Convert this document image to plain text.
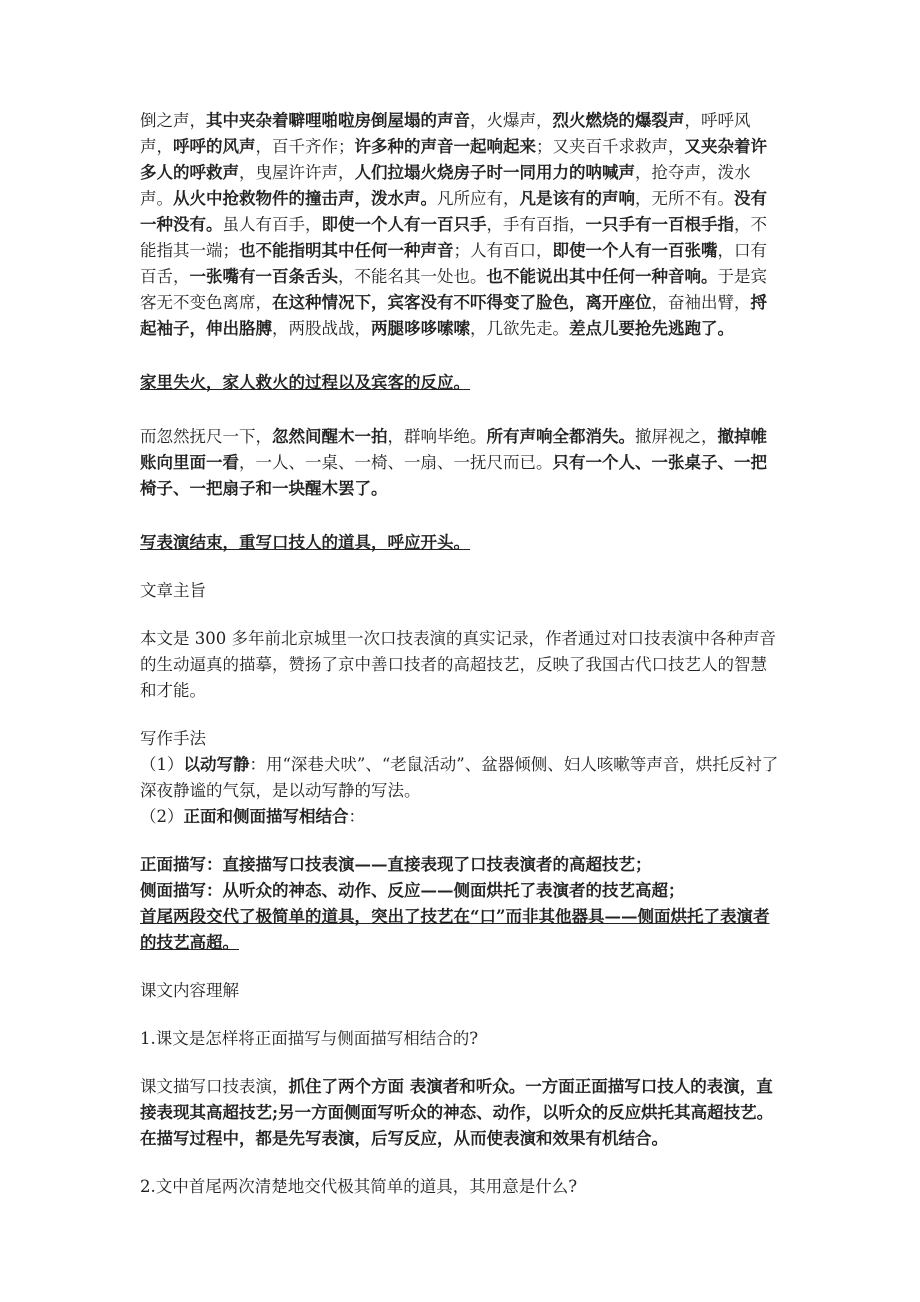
倒之声，其中夹杂着噼哩啪啦房倒屋塌的声音，火爆声，烈火燃烧的爆裂声，呼呼风声，呼呼的风声，百千齐作；许多种的声音一起响起来；又夹百千求救声，又夹杂着许多人的呼救声，曳屋许许声，人们拉塌火烧房子时一同用力的呐喊声，抢夺声，泼水声。从火中抢救物件的撞击声，泼水声。凡所应有，凡是该有的声响，无所不有。没有一种没有。虽人有百手，即使一个人有一百只手，手有百指，一只手有一百根手指，不能指其一端；也不能指明其中任何一种声音；人有百口，即使一个人有一百张嘴，口有百舌，一张嘴有一百条舌头，不能名其一处也。也不能说出其中任何一种音响。于是宾客无不变色离席，在这种情况下，宾客没有不吓得变了脸色，离开座位，奋袖出臂，捋起袖子，伸出胳膊，两股战战，两腿哆哆嗦嗦，几欲先走。差点儿要抢先逃跑了。

家里失火，家人救火的过程以及宾客的反应。

而忽然抚尺一下，忽然间醒木一拍，群响毕绝。所有声响全都消失。撤屏视之，撤掉帷账向里面一看，一人、一桌、一椅、一扇、一抚尺而已。只有一个人、一张桌子、一把椅子、一把扇子和一块醒木罢了。

写表演结束，重写口技人的道具，呼应开头。

文章主旨

本文是 300 多年前北京城里一次口技表演的真实记录，作者通过对口技表演中各种声音的生动逼真的描摹，赞扬了京中善口技者的高超技艺，反映了我国古代口技艺人的智慧和才能。

写作手法

（1）以动写静：用“深巷犬吠”、“老鼠活动”、盆器倾侧、妇人咳嗽等声音，烘托反衬了深夜静谧的气氛，是以动写静的写法。

（2）正面和侧面描写相结合：

正面描写：直接描写口技表演——直接表现了口技表演者的高超技艺；

侧面描写：从听众的神态、动作、反应——侧面烘托了表演者的技艺高超；

首尾两段交代了极简单的道具，突出了技艺在“口”而非其他器具——侧面烘托了表演者的技艺高超。

课文内容理解

1.课文是怎样将正面描写与侧面描写相结合的?

课文描写口技表演，抓住了两个方面 表演者和听众。一方面正面描写口技人的表演，直接表现其高超技艺;另一方面侧面写听众的神态、动作，以听众的反应烘托其高超技艺。在描写过程中，都是先写表演，后写反应，从而使表演和效果有机结合。

2.文中首尾两次清楚地交代极其简单的道具，其用意是什么?
